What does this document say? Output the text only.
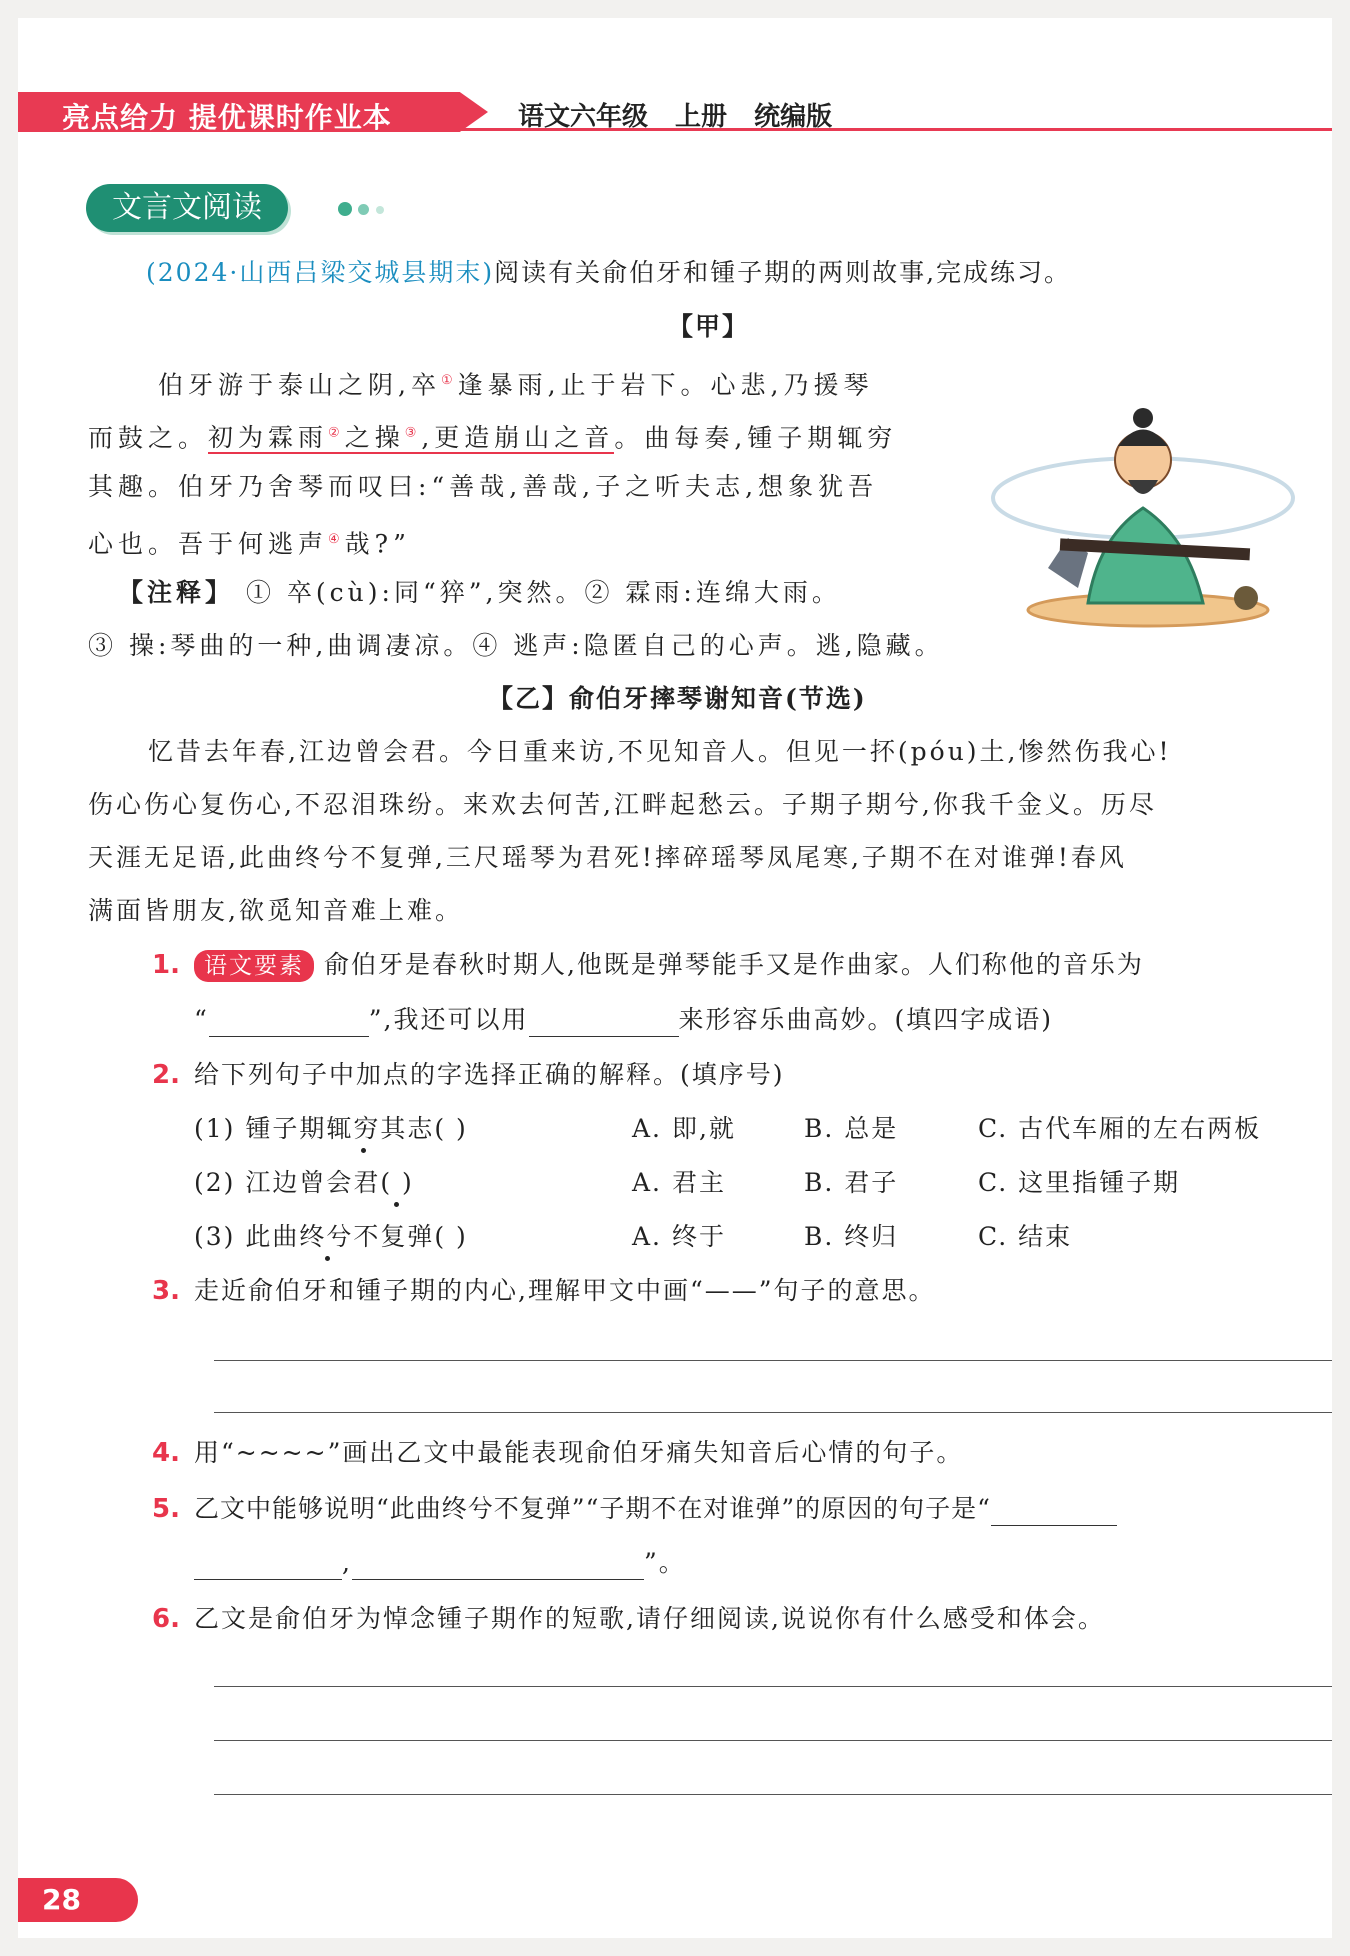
亮点给力 提优课时作业本	语文六年级 上册 统编版
文言文阅读
(2024·山西吕梁交城县期末)阅读有关俞伯牙和锺子期的两则故事,完成练习。
【甲】
伯牙游于泰山之阴,卒①逢暴雨,止于岩下。心悲,乃援琴
而鼓之。初为霖雨②之操③,更造崩山之音。曲每奏,锺子期辄穷
其趣。伯牙乃舍琴而叹曰:“善哉,善哉,子之听夫志,想象犹吾
心也。吾于何逃声④哉?”
【注释】 ① 卒(cù):同“猝”,突然。② 霖雨:连绵大雨。
③ 操:琴曲的一种,曲调凄凉。④ 逃声:隐匿自己的心声。逃,隐藏。
【乙】俞伯牙摔琴谢知音(节选)
忆昔去年春,江边曾会君。今日重来访,不见知音人。但见一抔(póu)土,惨然伤我心!
伤心伤心复伤心,不忍泪珠纷。来欢去何苦,江畔起愁云。子期子期兮,你我千金义。历尽
天涯无足语,此曲终兮不复弹,三尺瑶琴为君死!摔碎瑶琴凤尾寒,子期不在对谁弹!春风
满面皆朋友,欲觅知音难上难。
1.	语文要素 俞伯牙是春秋时期人,他既是弹琴能手又是作曲家。人们称他的音乐为
“	”,我还可以用	来形容乐曲高妙。(填四字成语)
2. 给下列句子中加点的字选择正确的解释。(填序号)
(1) 锺子期辄穷其志( )	A. 即,就	B. 总是	C. 古代车厢的左右两板
(2) 江边曾会君( )	A. 君主	B. 君子	C. 这里指锺子期
(3) 此曲终兮不复弹( )	A. 终于	B. 终归	C. 结束
3. 走近俞伯牙和锺子期的内心,理解甲文中画“——”句子的意思。
4. 用“~~~~”画出乙文中最能表现俞伯牙痛失知音后心情的句子。
5. 乙文中能够说明“此曲终兮不复弹”“子期不在对谁弹”的原因的句子是“
,	”。
6. 乙文是俞伯牙为悼念锺子期作的短歌,请仔细阅读,说说你有什么感受和体会。
28
